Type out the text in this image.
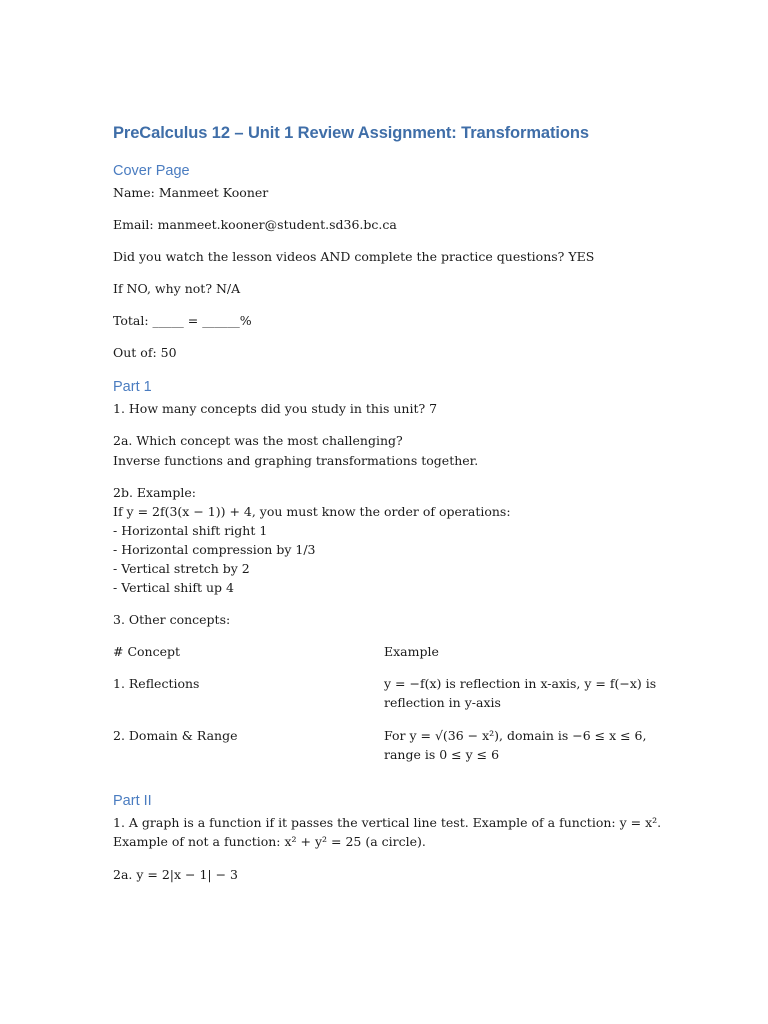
PreCalculus 12 – Unit 1 Review Assignment: Transformations
Cover Page

Name: Manmeet Kooner

Email: manmeet.kooner@student.sd36.bc.ca

Did you watch the lesson videos AND complete the practice questions? YES

If NO, why not? N/A

Total: _____ = ______%

Out of: 50

Part 1

1. How many concepts did you study in this unit? 7

2a. Which concept was the most challenging?

Inverse functions and graphing transformations together.

2b. Example:

If y = 2f(3(x − 1)) + 4, you must know the order of operations:

- Horizontal shift right 1

- Horizontal compression by 1/3

- Vertical stretch by 2

- Vertical shift up 4

3. Other concepts:

# Concept	Example

1. Reflections	y = −f(x) is reflection in x-axis, y = f(−x) is

reflection in y-axis

2. Domain & Range	For y = √(36 − x²), domain is −6 ≤ x ≤ 6,

range is 0 ≤ y ≤ 6

Part II

1. A graph is a function if it passes the vertical line test. Example of a function: y = x².

Example of not a function: x² + y² = 25 (a circle).

2a. y = 2|x − 1| − 3
